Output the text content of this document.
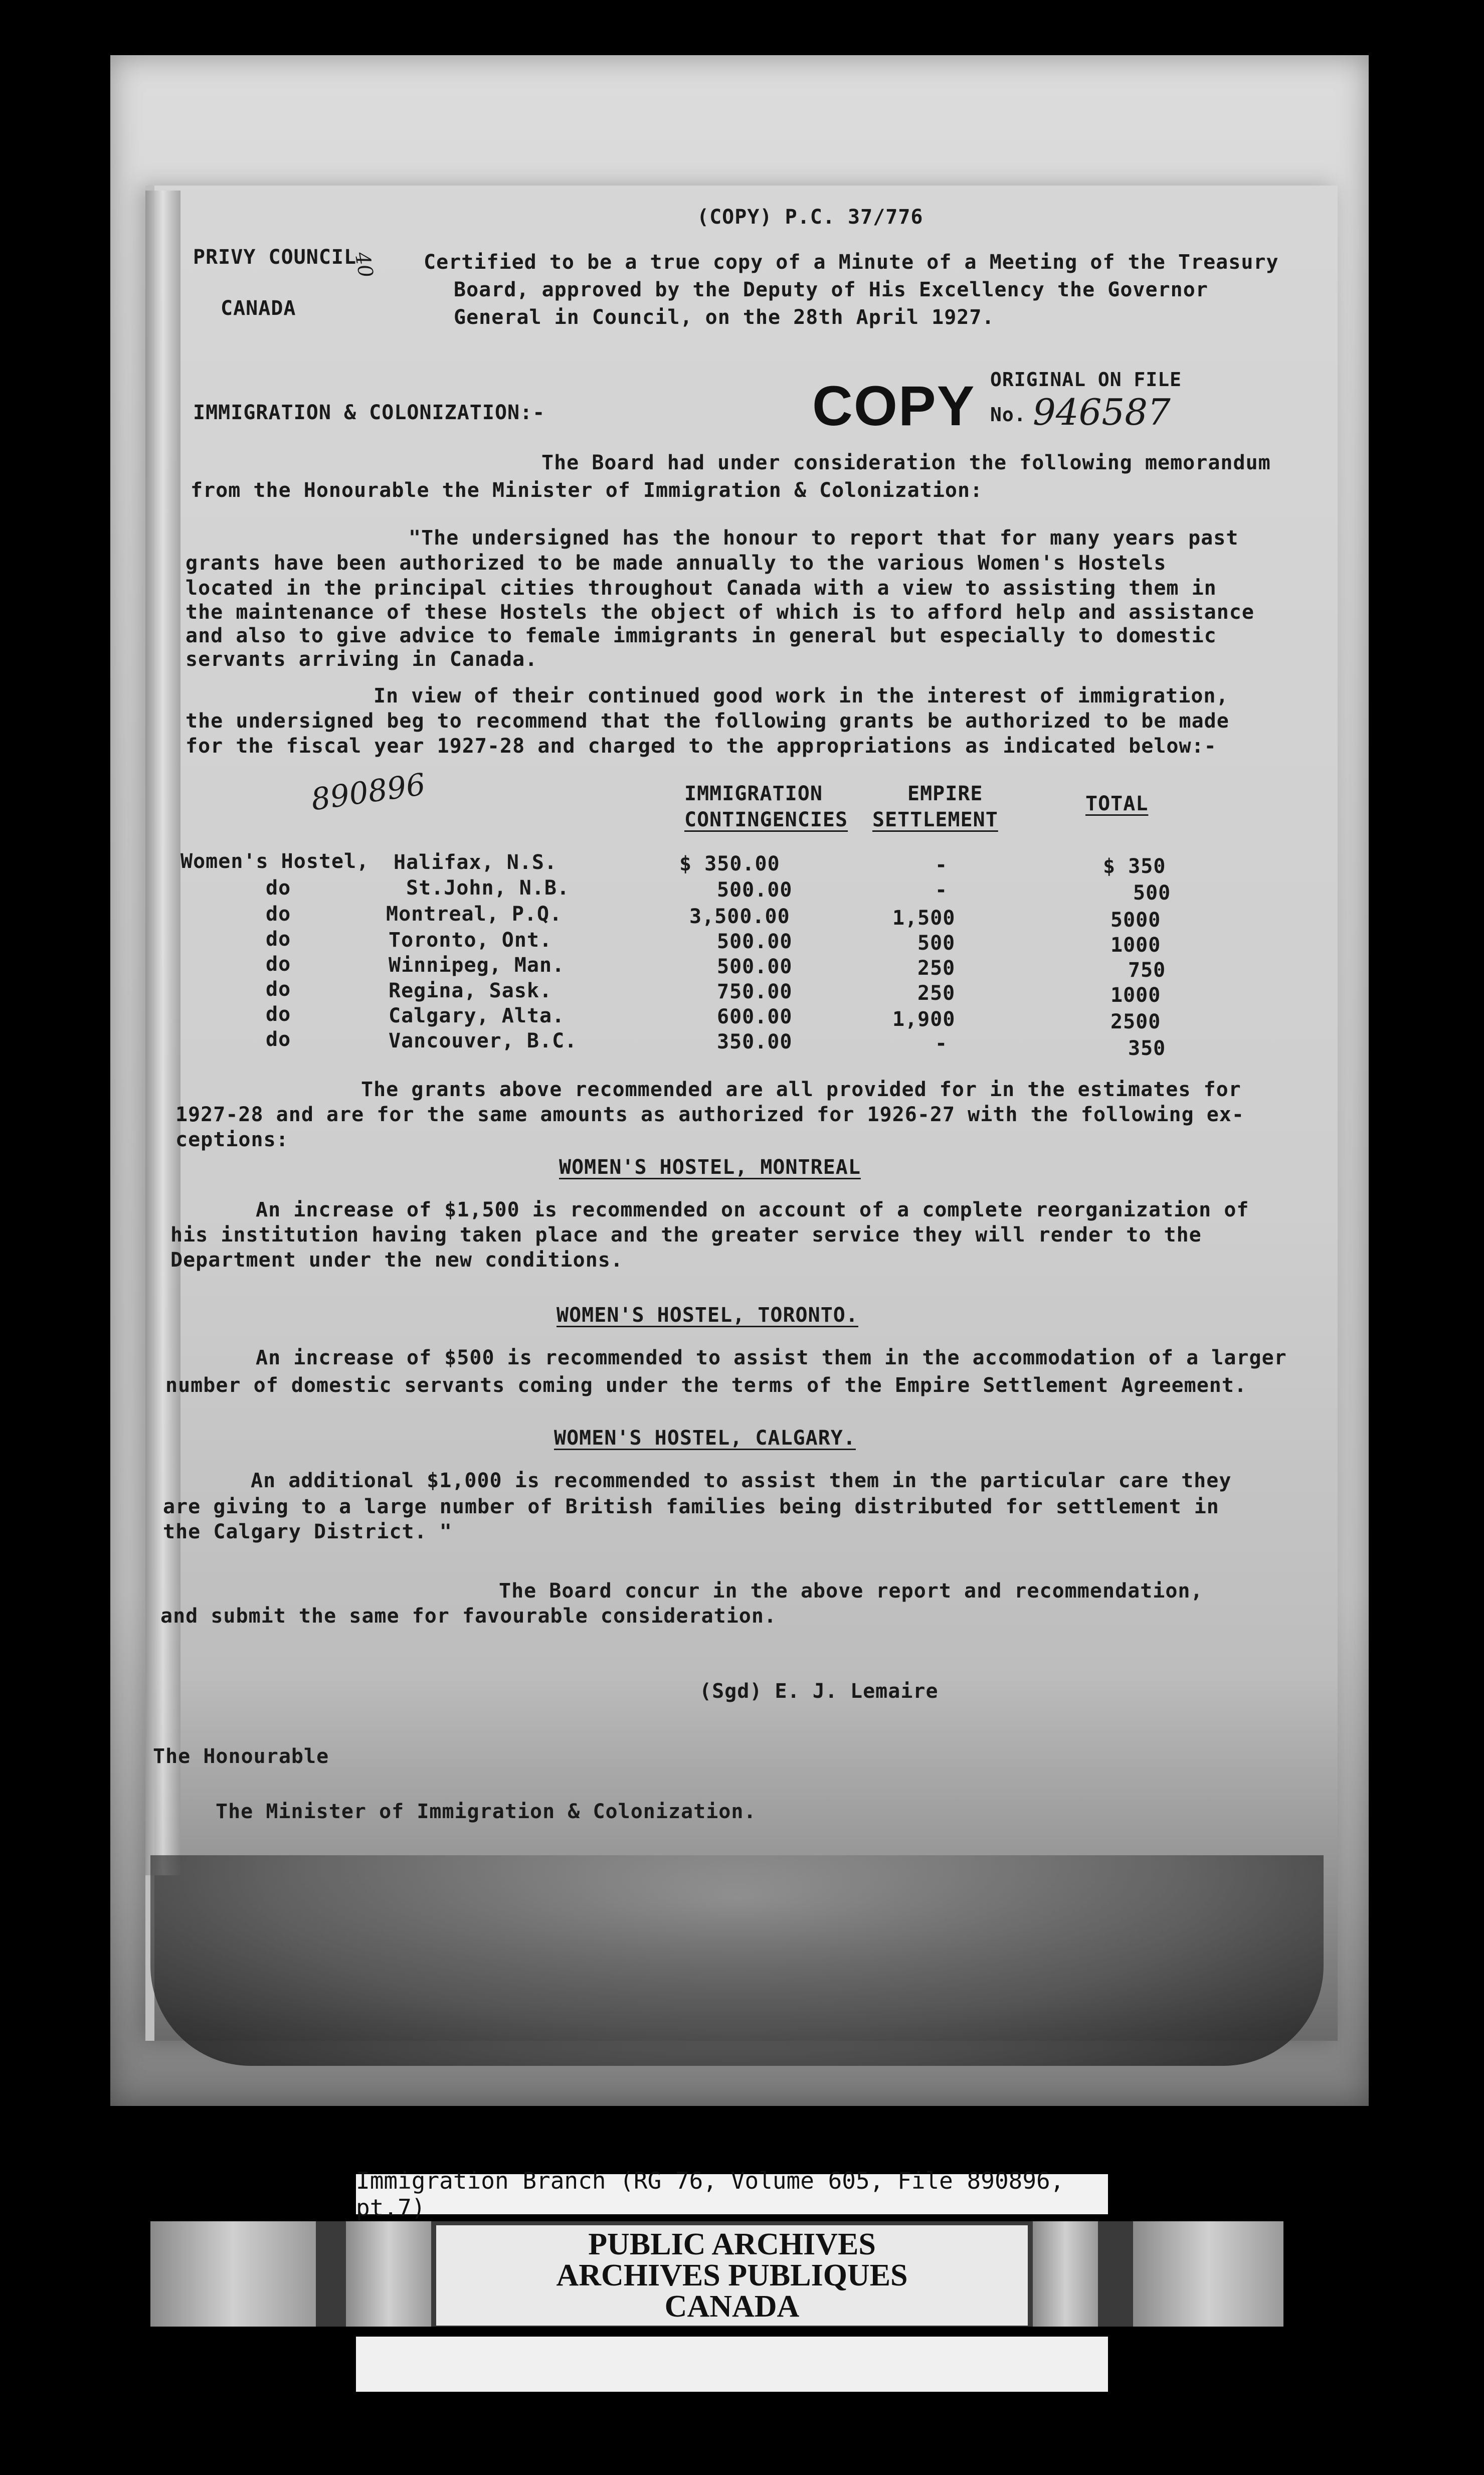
(COPY) P.C. 37/776
PRIVY COUNCIL
40
CANADA
Certified to be a true copy of a Minute of a Meeting of the Treasury
Board, approved by the Deputy of His Excellency the Governor
General in Council, on the 28th April 1927.
COPY ORIGINAL ON FILE
No. 946587
IMMIGRATION & COLONIZATION:-
The Board had under consideration the following memorandum
from the Honourable the Minister of Immigration & Colonization:
"The undersigned has the honour to report that for many years past
grants have been authorized to be made annually to the various Women's Hostels
located in the principal cities throughout Canada with a view to assisting them in
the maintenance of these Hostels the object of which is to afford help and assistance
and also to give advice to female immigrants in general but especially to domestic
servants arriving in Canada.
In view of their continued good work in the interest of immigration,
the undersigned beg to recommend that the following grants be authorized to be made
for the fiscal year 1927-28 and charged to the appropriations as indicated below:-
890896	IMMIGRATION
CONTINGENCIES
EMPIRE
SETTLEMENT
TOTAL
Women's Hostel, Halifax, N.S.	$ 350.00	-	$ 350
do	St.John, N.B.	500.00	-	500
do	Montreal, P.Q.	3,500.00	1,500	5000
do	Toronto, Ont.	500.00	500	1000
do	Winnipeg, Man.	500.00	250	750
do	Regina, Sask.	750.00	250	1000
do	Calgary, Alta.	600.00	1,900	2500
do	Vancouver, B.C.	350.00	-	350
The grants above recommended are all provided for in the estimates for
1927-28 and are for the same amounts as authorized for 1926-27 with the following ex-
ceptions:
WOMEN'S HOSTEL, MONTREAL
An increase of $1,500 is recommended on account of a complete reorganization of
his institution having taken place and the greater service they will render to the
Department under the new conditions.
WOMEN'S HOSTEL, TORONTO.
An increase of $500 is recommended to assist them in the accommodation of a larger
number of domestic servants coming under the terms of the Empire Settlement Agreement.
WOMEN'S HOSTEL, CALGARY.
An additional $1,000 is recommended to assist them in the particular care they
are giving to a large number of British families being distributed for settlement in
the Calgary District. "
The Board concur in the above report and recommendation,
and submit the same for favourable consideration.
(Sgd) E. J. Lemaire
The Honourable
The Minister of Immigration & Colonization.
Immigration Branch (RG 76, Volume 605, File 890896, pt.7)
PUBLIC ARCHIVES
ARCHIVES PUBLIQUES
CANADA
